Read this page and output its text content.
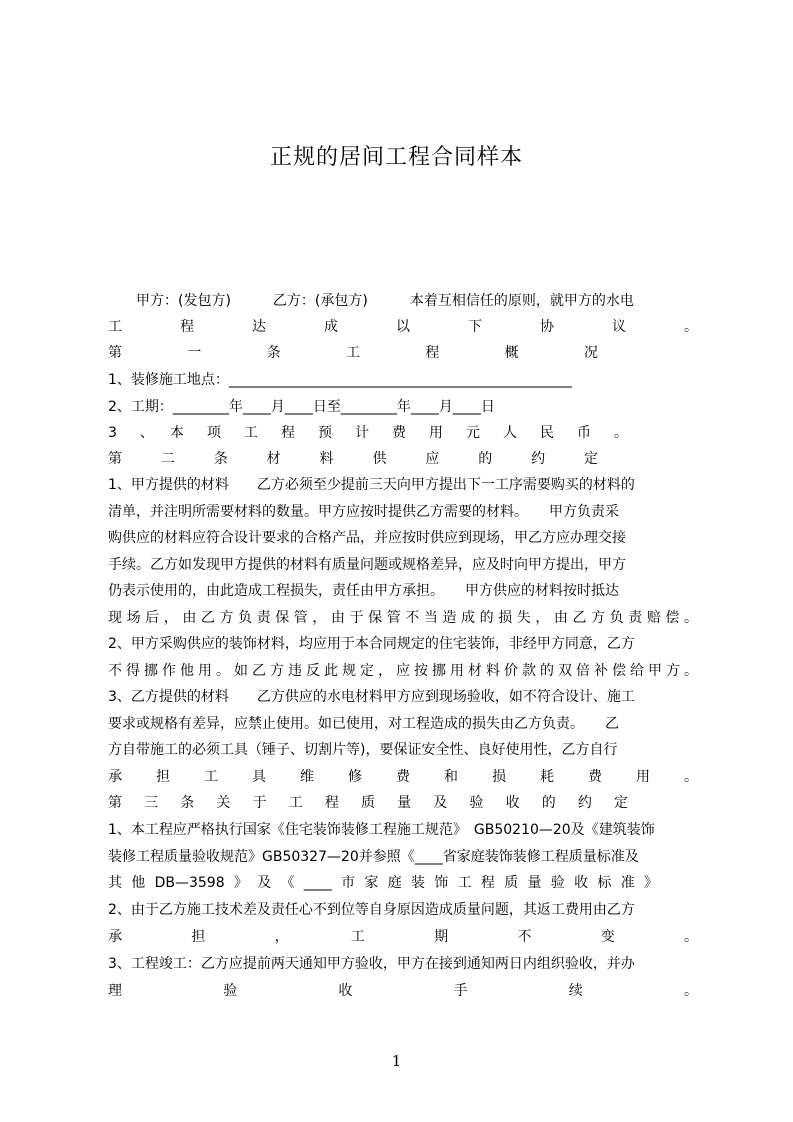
正规的居间工程合同样本
　　甲方：(发包方)　　　乙方：(承包方)　　　本着互相信任的原则，就甲方的水电
工　程　达　成　以　下　协　议　。
第　一　条　工　程　概　况
1、装修施工地点：_________________________________________________
2、工期：________年____月____日至________年____月____日
3　、　本　项　工　程　预　计　费　用　元　人　民　币　。
第　二　条　材　料　供　应　的　约　定
1、甲方提供的材料　　乙方必须至少提前三天向甲方提出下一工序需要购买的材料的
清单，并注明所需要材料的数量。甲方应按时提供乙方需要的材料。　　甲方负责采
购供应的材料应符合设计要求的合格产品，并应按时供应到现场，甲乙方应办理交接
手续。乙方如发现甲方提供的材料有质量问题或规格差异，应及时向甲方提出，甲方
仍表示使用的，由此造成工程损失，责任由甲方承担。　　甲方供应的材料按时抵达
现场后，由乙方负责保管，由于保管不当造成的损失，由乙方负责赔偿。
2、甲方采购供应的装饰材料，均应用于本合同规定的住宅装饰，非经甲方同意，乙方
不得挪作他用。如乙方违反此规定，应按挪用材料价款的双倍补偿给甲方。
3、乙方提供的材料　　乙方供应的水电材料甲方应到现场验收，如不符合设计、施工
要求或规格有差异，应禁止使用。如已使用，对工程造成的损失由乙方负责。　　乙
方自带施工的必须工具（锤子、切割片等)，要保证安全性、良好使用性，乙方自行
承　担　工　具　维　修　费　和　损　耗　费　用　。
第　三　条　关　于　工　程　质　量　及　验　收　的　约　定
1、本工程应严格执行国家《住宅装饰装修工程施工规范》　GB50210—20及《建筑装饰
装修工程质量验收规范》GB50327—20并参照《____省家庭装饰装修工程质量标准及
其他DB—3598》及《____市家庭装饰工程质量验收标准》
2、由于乙方施工技术差及责任心不到位等自身原因造成质量问题，其返工费用由乙方
承　担　，　工　期　不　变　。
3、工程竣工：乙方应提前两天通知甲方验收，甲方在接到通知两日内组织验收，并办
理　验　收　手　续　。
1
